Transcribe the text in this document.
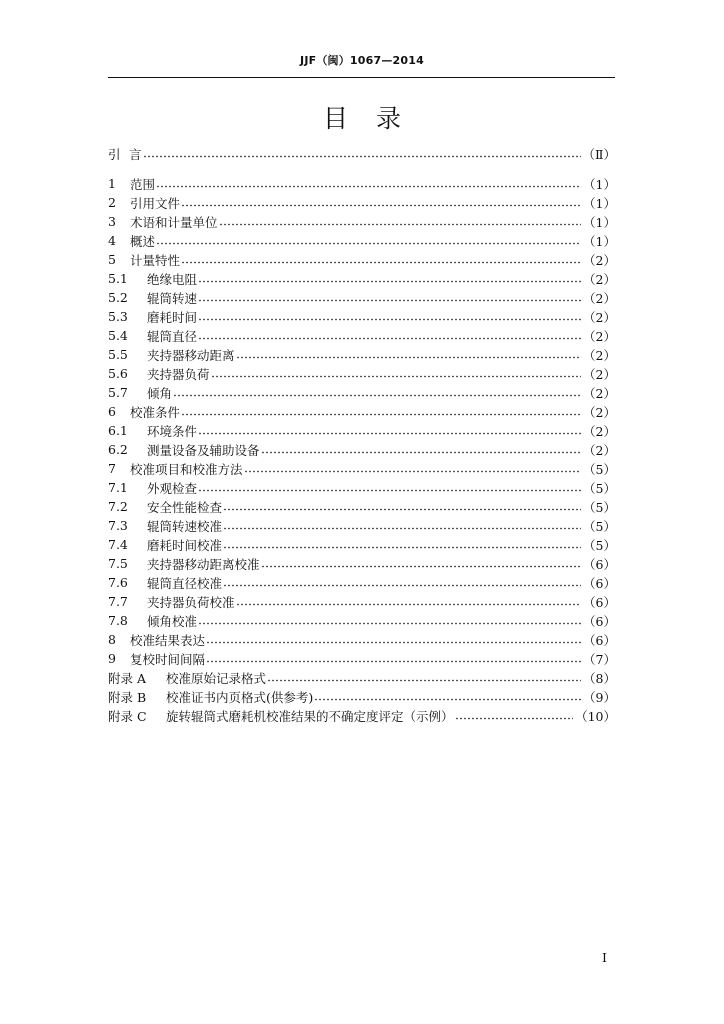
JJF（闽）1067—2014
目录
引 言	（Ⅱ）
1	范围	（1）
2	引用文件	（1）
3	术语和计量单位	（1）
4	概述	（1）
5	计量特性	（2）
5.1	绝缘电阻	（2）
5.2	辊筒转速	（2）
5.3	磨耗时间	（2）
5.4	辊筒直径	（2）
5.5	夹持器移动距离	（2）
5.6	夹持器负荷	（2）
5.7	倾角	（2）
6	校准条件	（2）
6.1	环境条件	（2）
6.2	测量设备及辅助设备	（2）
7	校准项目和校准方法	（5）
7.1	外观检查	（5）
7.2	安全性能检查	（5）
7.3	辊筒转速校准	（5）
7.4	磨耗时间校准	（5）
7.5	夹持器移动距离校准	（6）
7.6	辊筒直径校准	（6）
7.7	夹持器负荷校准	（6）
7.8	倾角校准	（6）
8	校准结果表达	（6）
9	复校时间间隔	（7）
附录 A	校准原始记录格式	（8）
附录 B	校准证书内页格式(供参考)	（9）
附录 C	旋转辊筒式磨耗机校准结果的不确定度评定（示例）	（10）
Ⅰ
